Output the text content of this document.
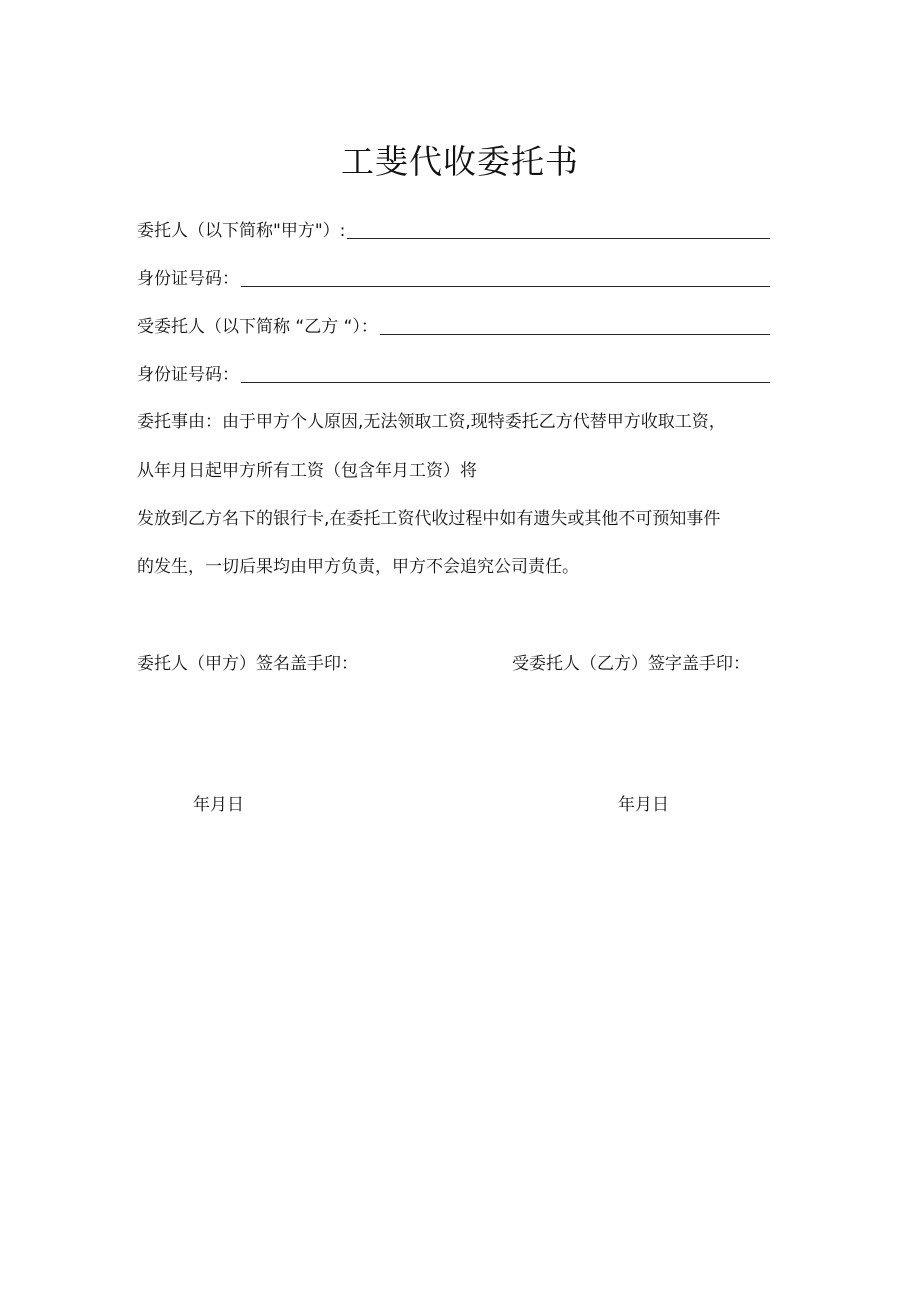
工斐代收委托书
委托人（以下简称"甲方"）:
身份证号码：
受委托人（以下简称 “乙方 “）：
身份证号码：
委托事由：由于甲方个人原因,无法领取工资,现特委托乙方代替甲方收取工资，
从年月日起甲方所有工资（包含年月工资）将
发放到乙方名下的银行卡,在委托工资代收过程中如有遗失或其他不可预知事件
的发生，一切后果均由甲方负责，甲方不会追究公司责任。
委托人（甲方）签名盖手印：	受委托人（乙方）签字盖手印：
年月日	年月日
